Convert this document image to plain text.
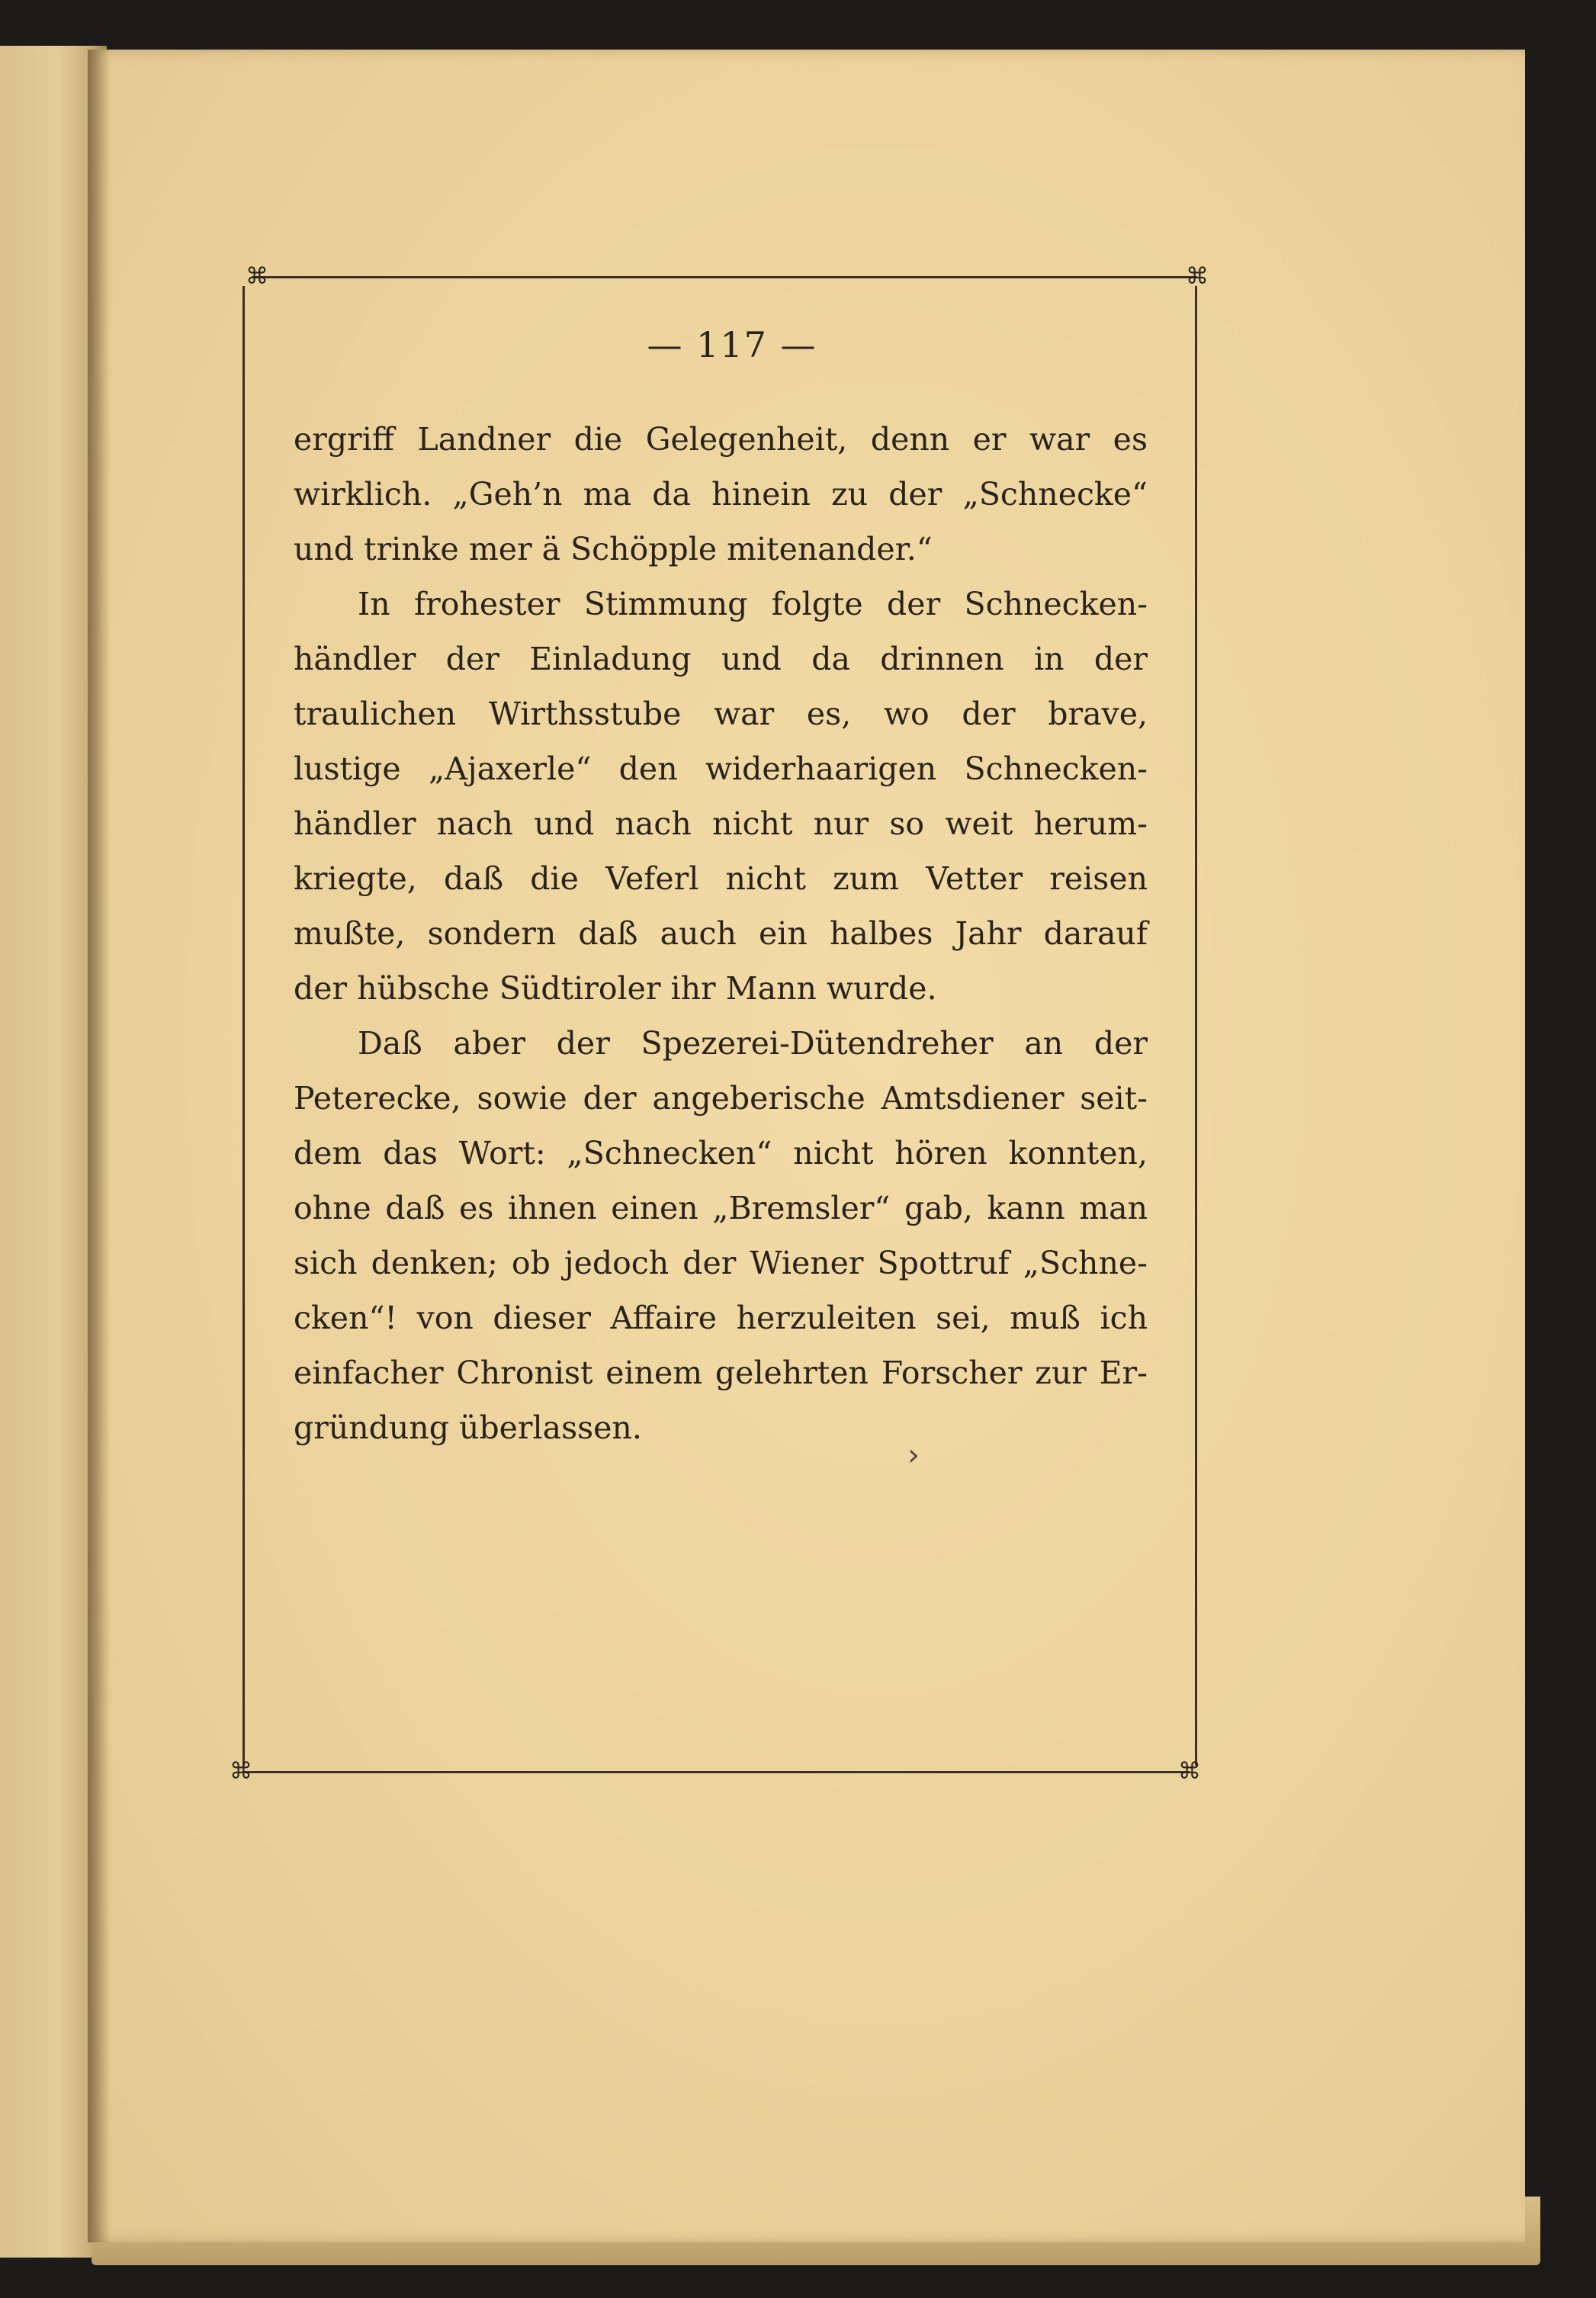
⌘	⌘
⌘	⌘
— 117 —
ergriff Landner die Gelegenheit, denn er war es
wirklich. „Geh’n ma da hinein zu der „Schnecke“
und trinke mer ä Schöpple mitenander.“
In frohester Stimmung folgte der Schnecken-
händler der Einladung und da drinnen in der
traulichen Wirthsstube war es, wo der brave,
lustige „Ajaxerle“ den widerhaarigen Schnecken-
händler nach und nach nicht nur so weit herum-
kriegte, daß die Veferl nicht zum Vetter reisen
mußte, sondern daß auch ein halbes Jahr darauf
der hübsche Südtiroler ihr Mann wurde.
Daß aber der Spezerei-Dütendreher an der
Peterecke, sowie der angeberische Amtsdiener seit-
dem das Wort: „Schnecken“ nicht hören konnten,
ohne daß es ihnen einen „Bremsler“ gab, kann man
sich denken; ob jedoch der Wiener Spottruf „Schne-
cken“! von dieser Affaire herzuleiten sei, muß ich
einfacher Chronist einem gelehrten Forscher zur Er-
gründung überlassen.
›
